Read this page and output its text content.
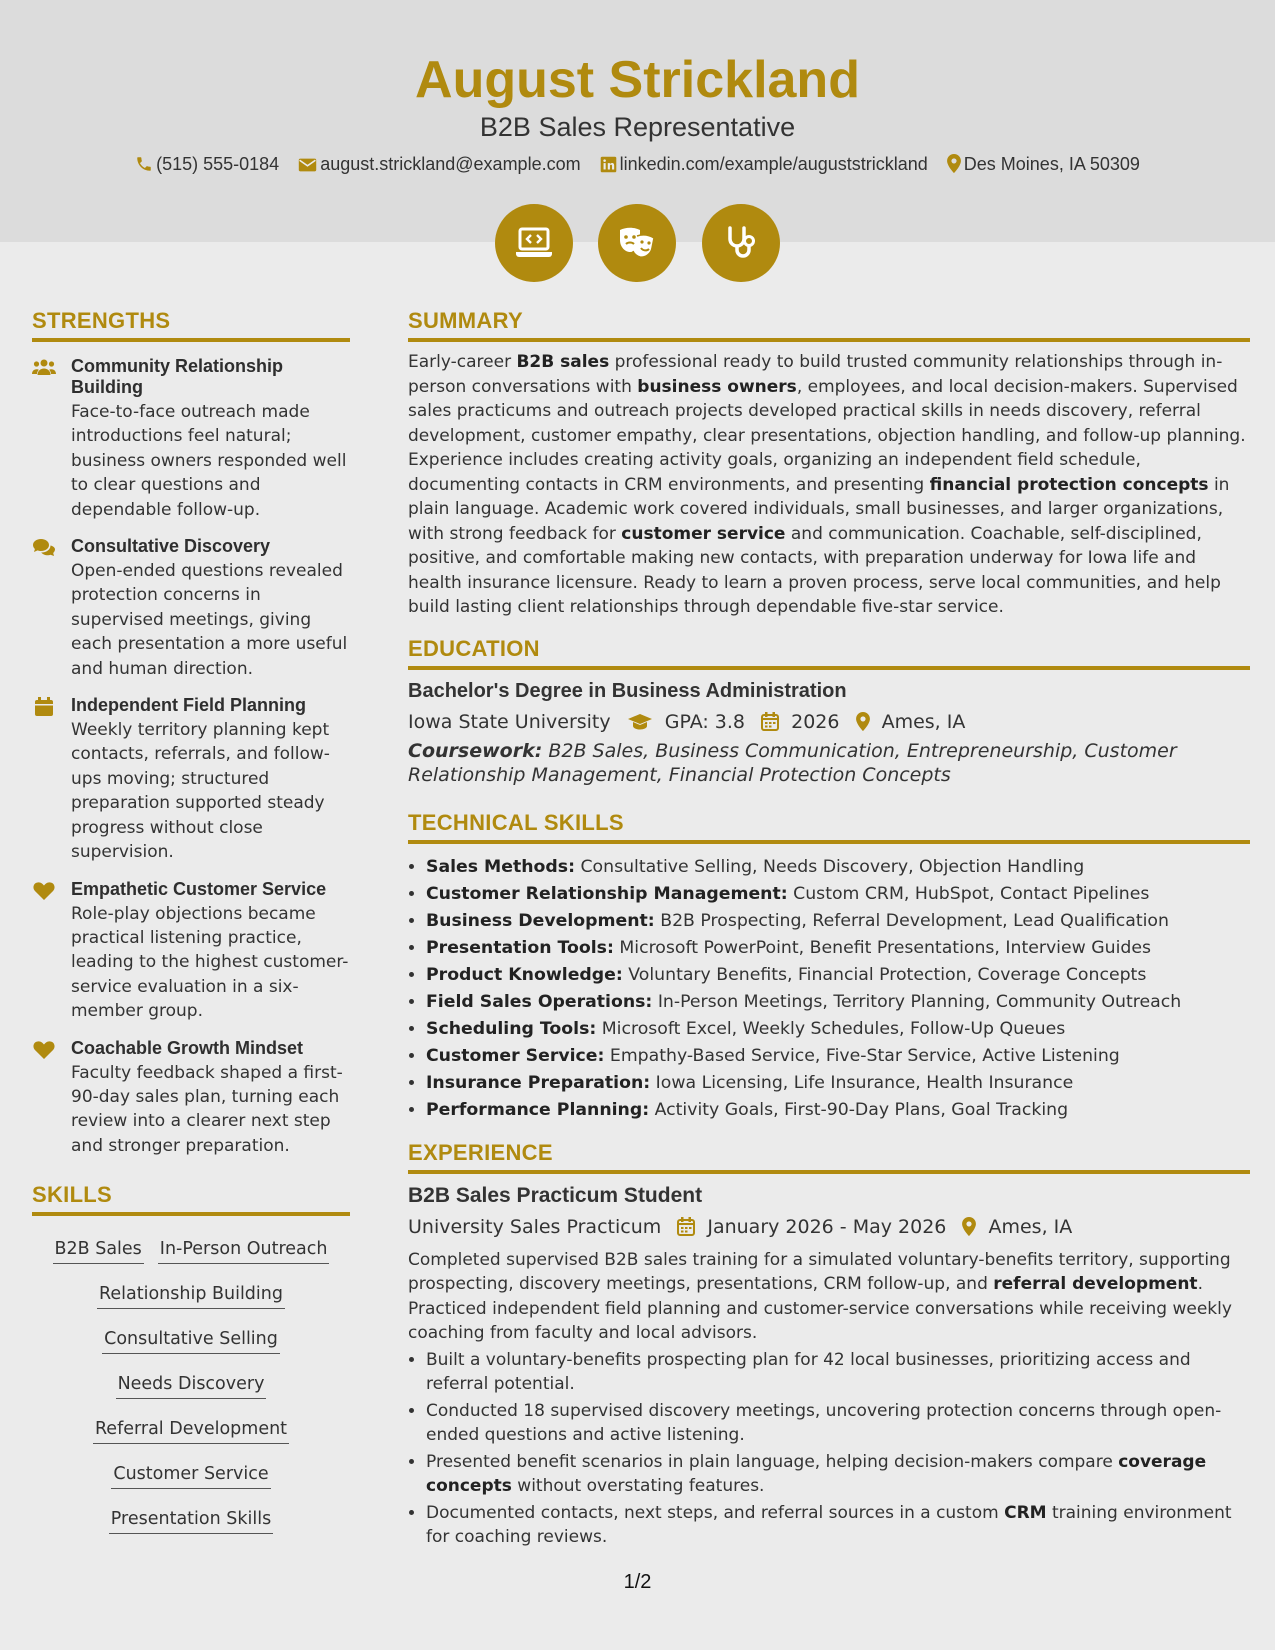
August Strickland
B2B Sales Representative
(515) 555-0184 august.strickland@example.com linkedin.com/example/auguststrickland Des Moines, IA 50309
STRENGTHS
Community Relationship Building
Face-to-face outreach made introductions feel natural; business owners responded well to clear questions and dependable follow-up.
Consultative Discovery
Open-ended questions revealed protection concerns in supervised meetings, giving each presentation a more useful and human direction.
Independent Field Planning
Weekly territory planning kept contacts, referrals, and follow-ups moving; structured preparation supported steady progress without close supervision.
Empathetic Customer Service
Role-play objections became practical listening practice, leading to the highest customer-service evaluation in a six-member group.
Coachable Growth Mindset
Faculty feedback shaped a first-90-day sales plan, turning each review into a clearer next step and stronger preparation.
SKILLS
B2B Sales In-Person Outreach
Relationship Building
Consultative Selling
Needs Discovery
Referral Development
Customer Service
Presentation Skills
SUMMARY

Early-career B2B sales professional ready to build trusted community relationships through in-person conversations with business owners, employees, and local decision-makers. Supervised sales practicums and outreach projects developed practical skills in needs discovery, referral development, customer empathy, clear presentations, objection handling, and follow-up planning. Experience includes creating activity goals, organizing an independent field schedule, documenting contacts in CRM environments, and presenting financial protection concepts in plain language. Academic work covered individuals, small businesses, and larger organizations, with strong feedback for customer service and communication. Coachable, self-disciplined, positive, and comfortable making new contacts, with preparation underway for Iowa life and health insurance licensure. Ready to learn a proven process, serve local communities, and help build lasting client relationships through dependable five-star service.

EDUCATION
Bachelor's Degree in Business Administration
Iowa State University	GPA: 3.8 2026 Ames, IA
Coursework: B2B Sales, Business Communication, Entrepreneurship, Customer Relationship Management, Financial Protection Concepts
TECHNICAL SKILLS
• Sales Methods: Consultative Selling, Needs Discovery, Objection Handling
• Customer Relationship Management: Custom CRM, HubSpot, Contact Pipelines
• Business Development: B2B Prospecting, Referral Development, Lead Qualification
• Presentation Tools: Microsoft PowerPoint, Benefit Presentations, Interview Guides
• Product Knowledge: Voluntary Benefits, Financial Protection, Coverage Concepts
• Field Sales Operations: In-Person Meetings, Territory Planning, Community Outreach
• Scheduling Tools: Microsoft Excel, Weekly Schedules, Follow-Up Queues
• Customer Service: Empathy-Based Service, Five-Star Service, Active Listening
• Insurance Preparation: Iowa Licensing, Life Insurance, Health Insurance
• Performance Planning: Activity Goals, First-90-Day Plans, Goal Tracking
EXPERIENCE
B2B Sales Practicum Student
University Sales Practicum January 2026 - May 2026 Ames, IA

Completed supervised B2B sales training for a simulated voluntary-benefits territory, supporting prospecting, discovery meetings, presentations, CRM follow-up, and referral development. Practiced independent field planning and customer-service conversations while receiving weekly coaching from faculty and local advisors.

• Built a voluntary-benefits prospecting plan for 42 local businesses, prioritizing access and referral potential.
• Conducted 18 supervised discovery meetings, uncovering protection concerns through open-ended questions and active listening.
• Presented benefit scenarios in plain language, helping decision-makers compare coverage concepts without overstating features.
• Documented contacts, next steps, and referral sources in a custom CRM training environment for coaching reviews.
1/2
